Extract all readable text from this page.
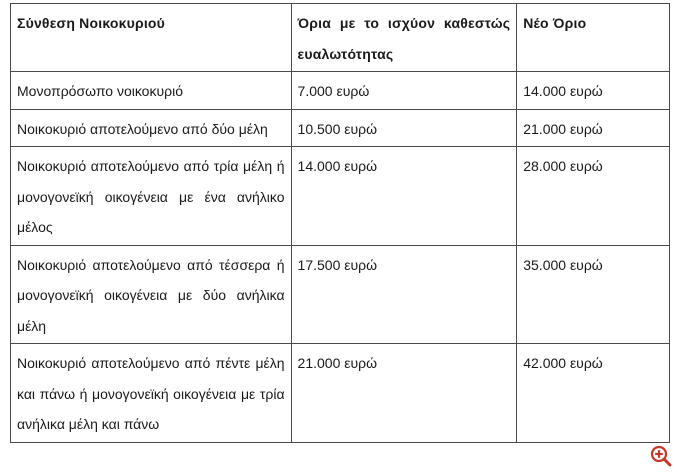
Σύνθεση Νοικοκυριού	Όρια με το ισχύον καθεστώς ευαλωτότητας	Νέο Όριο

Μονοπρόσωπο νοικοκυριό	7.000 ευρώ	14.000 ευρώ

Νοικοκυριό αποτελούμενο από δύο μέλη	10.500 ευρώ	21.000 ευρώ

Νοικοκυριό αποτελούμενο από τρία μέλη ή μονογονεϊκή οικογένεια με ένα ανήλικο μέλος	14.000 ευρώ	28.000 ευρώ

Νοικοκυριό αποτελούμενο από τέσσερα ή μονογονεϊκή οικογένεια με δύο ανήλικα μέλη	17.500 ευρώ	35.000 ευρώ

Νοικοκυριό αποτελούμενο από πέντε μέλη και πάνω ή μονογονεϊκή οικογένεια με τρία ανήλικα μέλη και πάνω	21.000 ευρώ	42.000 ευρώ
